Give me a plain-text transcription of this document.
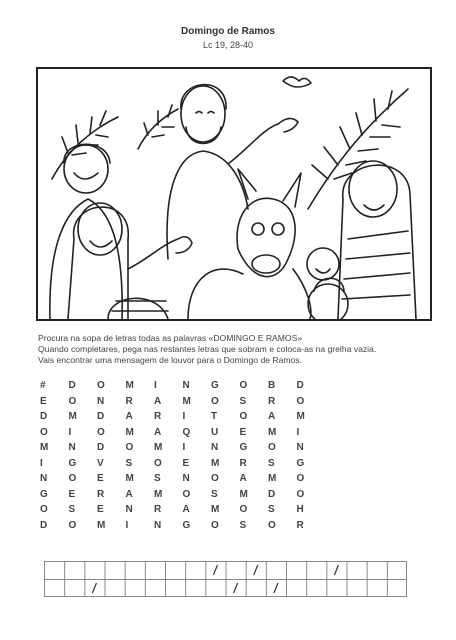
Domingo de Ramos
Lc 19, 28-40
Procura na sopa de letras todas as palavras «DOMINGO E RAMOS»
Quando completares, pega nas restantes letras que sobram e coloca-as na grelha vazia.
Vais encontrar uma mensagem de louvor para o Domingo de Ramos.
#	D	O	M	I	N	G	O	B	D
E	O	N	R	A	M	O	S	R	O
D	M	D	A	R	I	T	O	A	M
O	I	O	M	A	Q	U	E	M	I
M	N	D	O	M	I	N	G	O	N
I	G	V	S	O	E	M	R	S	G
N	O	E	M	S	N	O	A	M	O
G	E	R	A	M	O	S	M	D	O
O	S	E	N	R	A	M	O	S	H
D	O	M	I	N	G	O	S	O	R
